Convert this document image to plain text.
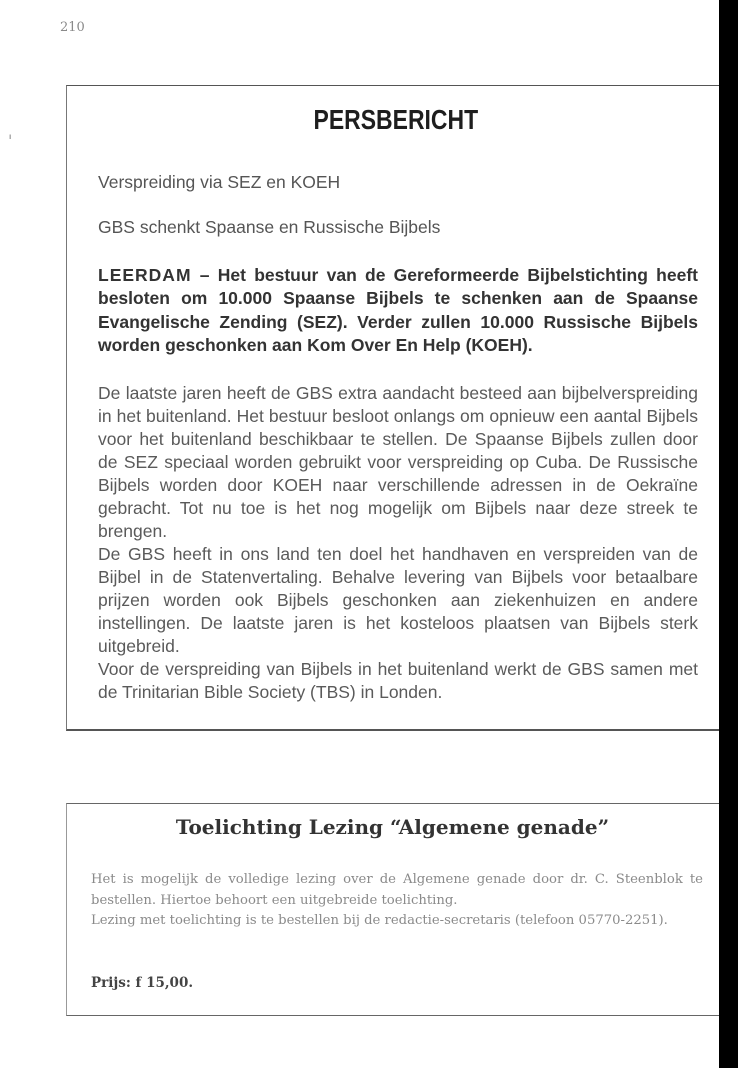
210
ı
PERSBERICHT

Verspreiding via SEZ en KOEH

GBS schenkt Spaanse en Russische Bijbels

LEERDAM – Het bestuur van de Gereformeerde Bijbelstichting heeft besloten om 10.000 Spaanse Bijbels te schenken aan de Spaanse Evangelische Zending (SEZ). Verder zullen 10.000 Russische Bijbels worden geschonken aan Kom Over En Help (KOEH).

De laatste jaren heeft de GBS extra aandacht besteed aan bijbelverspreiding in het buitenland. Het bestuur besloot onlangs om opnieuw een aantal Bijbels voor het buitenland beschikbaar te stellen. De Spaanse Bijbels zullen door de SEZ speciaal worden gebruikt voor verspreiding op Cuba. De Russische Bijbels worden door KOEH naar verschillende adressen in de Oekraïne gebracht. Tot nu toe is het nog mogelijk om Bijbels naar deze streek te brengen.
De GBS heeft in ons land ten doel het handhaven en verspreiden van de Bijbel in de Statenvertaling. Behalve levering van Bijbels voor betaalbare prijzen worden ook Bijbels geschonken aan ziekenhuizen en andere instellingen. De laatste jaren is het kosteloos plaatsen van Bijbels sterk uitgebreid.
Voor de verspreiding van Bijbels in het buitenland werkt de GBS samen met de Trinitarian Bible Society (TBS) in Londen.

Toelichting Lezing “Algemene genade”

Het is mogelijk de volledige lezing over de Algemene genade door dr. C. Steenblok te bestellen. Hiertoe behoort een uitgebreide toelichting.

Lezing met toelichting is te bestellen bij de redactie-secretaris (telefoon 05770-2251).

Prijs: f 15,00.
